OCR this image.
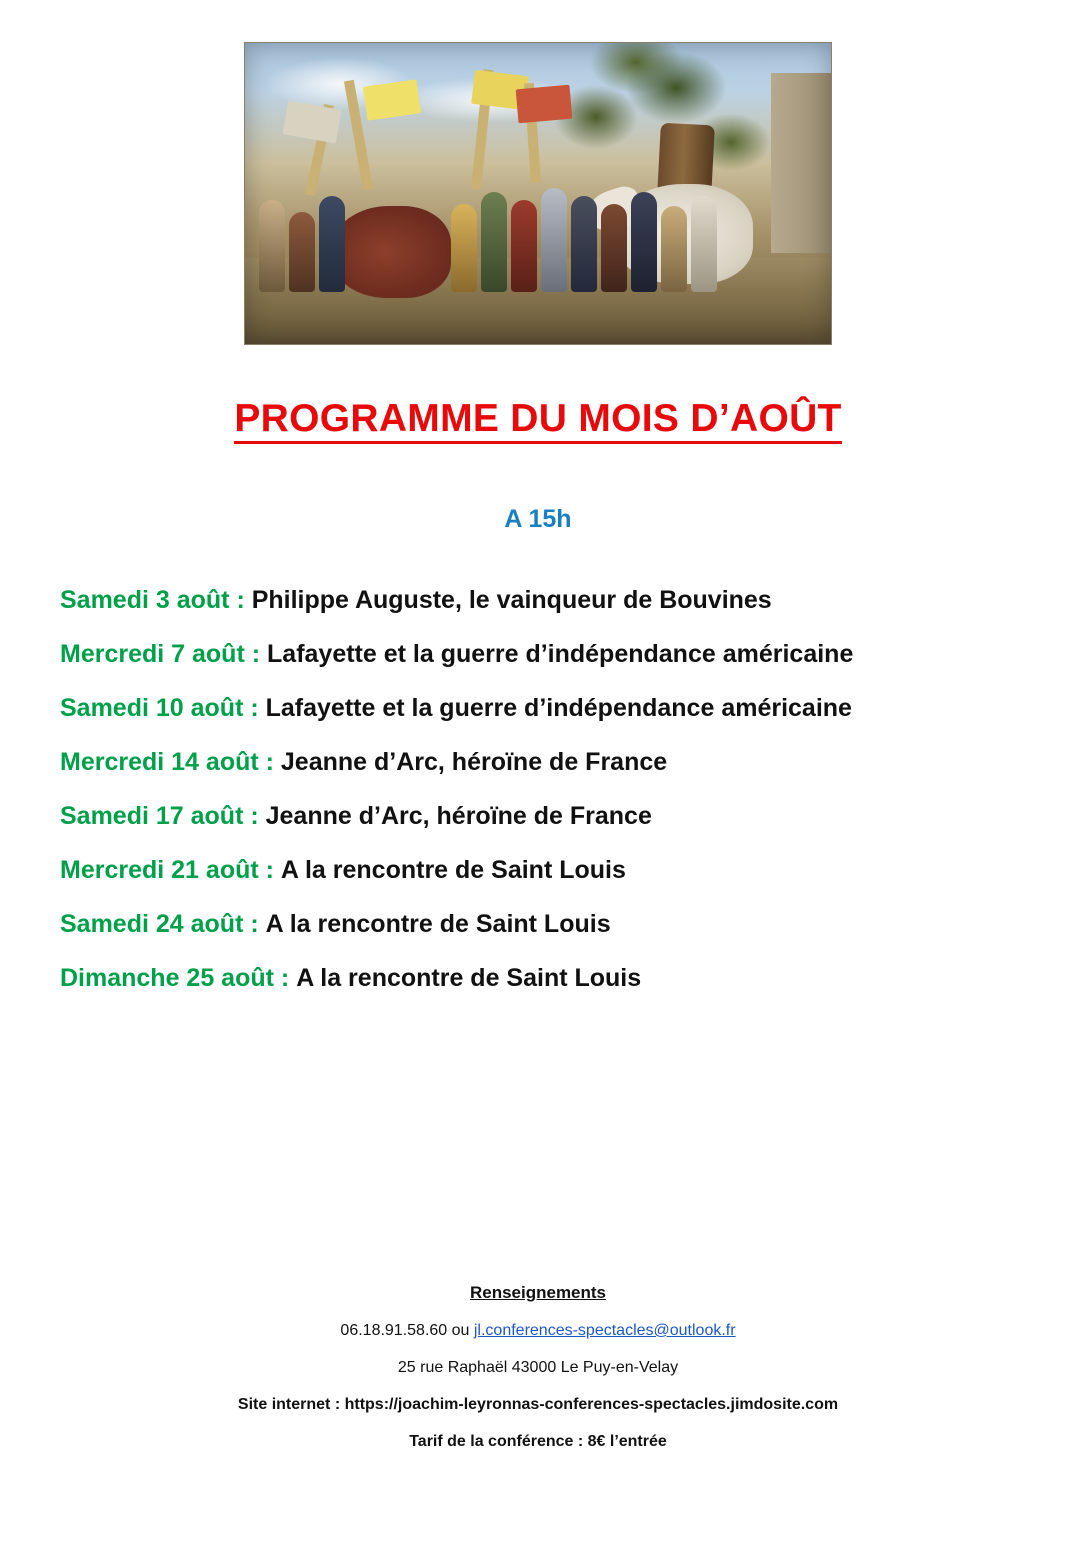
PROGRAMME DU MOIS D’AOÛT
A 15h
Samedi 3 août : Philippe Auguste, le vainqueur de Bouvines
Mercredi 7 août : Lafayette et la guerre d’indépendance américaine
Samedi 10 août : Lafayette et la guerre d’indépendance américaine
Mercredi 14 août : Jeanne d’Arc, héroïne de France
Samedi 17 août : Jeanne d’Arc, héroïne de France
Mercredi 21 août : A la rencontre de Saint Louis
Samedi 24 août : A la rencontre de Saint Louis
Dimanche 25 août : A la rencontre de Saint Louis
Renseignements
06.18.91.58.60 ou jl.conferences-spectacles@outlook.fr
25 rue Raphaël 43000 Le Puy-en-Velay
Site internet : https://joachim-leyronnas-conferences-spectacles.jimdosite.com
Tarif de la conférence : 8€ l’entrée
